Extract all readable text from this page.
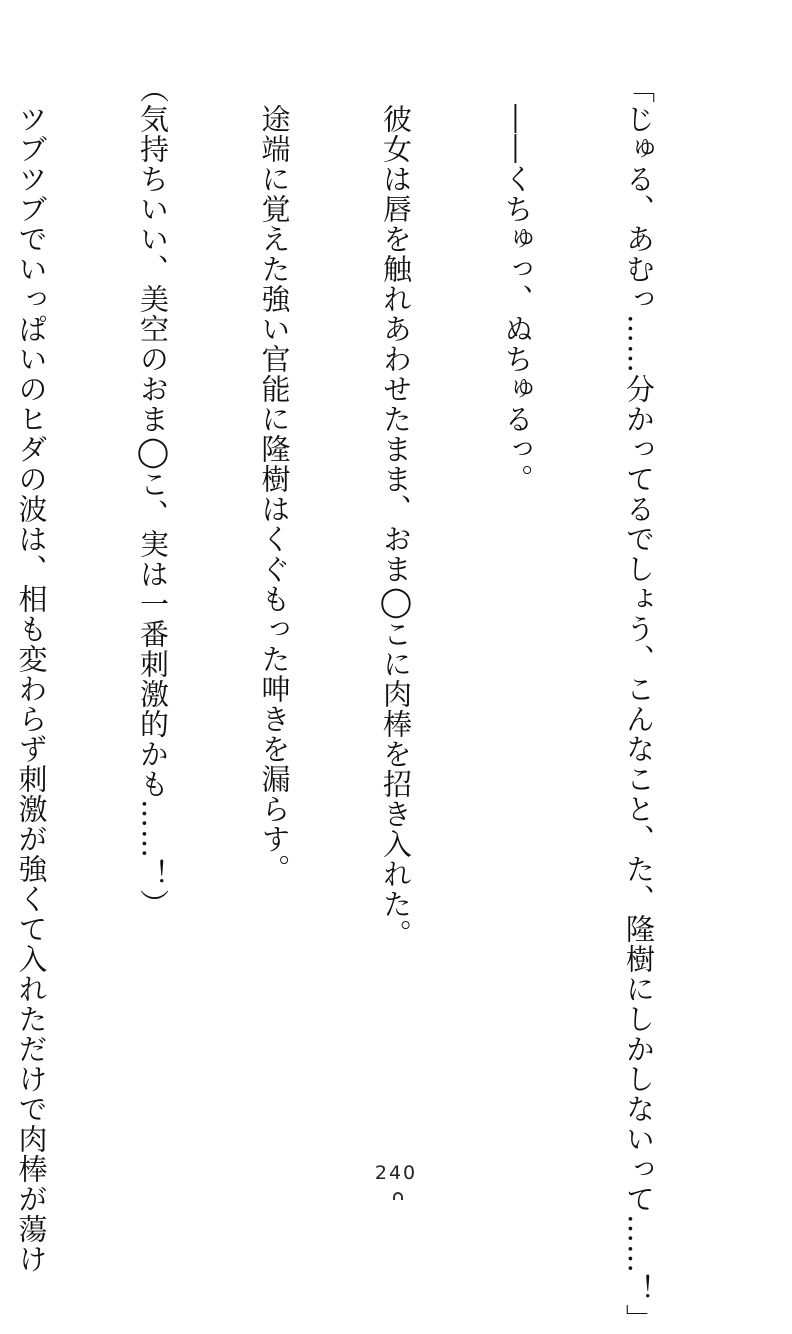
「じゅる、あむっ……分かってるでしょう、こんなこと、た、隆樹にしかしないって……！」

　――くちゅっ、ぬちゅるっ。

　彼女は唇を触れあわせたまま、おま◯こに肉棒を招き入れた。

　途端に覚えた強い官能に隆樹はくぐもった呻きを漏らす。

（気持ちいい、美空のおま◯こ、実は一番刺激的かも……！）

　ツブツブでいっぱいのヒダの波は、相も変わらず刺激が強くて入れただけで肉棒が蕩け

	240
